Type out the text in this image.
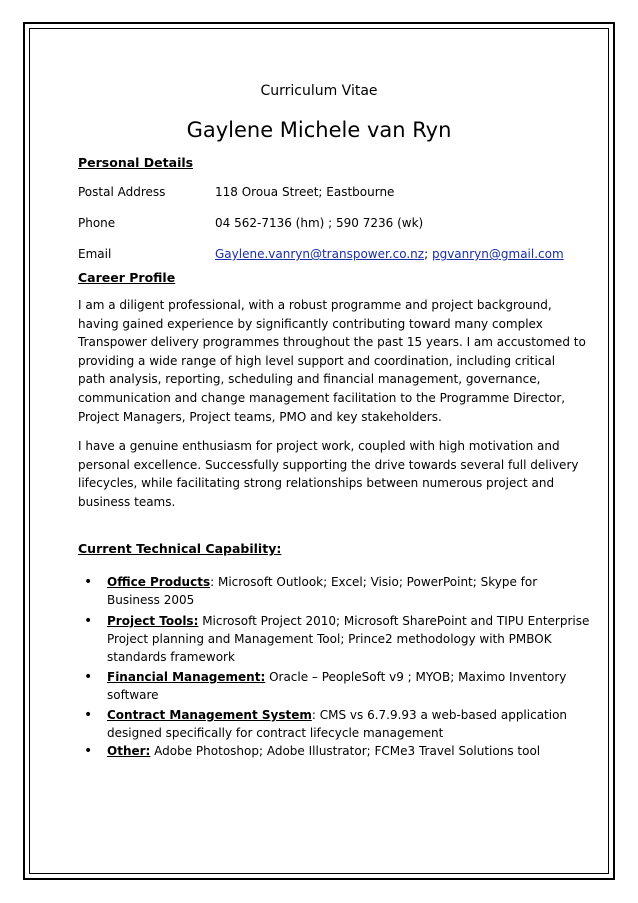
Curriculum Vitae
Gaylene Michele van Ryn
Personal Details
Postal Address	118 Oroua Street; Eastbourne
Phone	04 562-7136 (hm) ; 590 7236 (wk)
Email	Gaylene.vanryn@transpower.co.nz; pgvanryn@gmail.com
Career Profile
I am a diligent professional, with a robust programme and project background,
having gained experience by significantly contributing toward many complex
Transpower delivery programmes throughout the past 15 years. I am accustomed to
providing a wide range of high level support and coordination, including critical
path analysis, reporting, scheduling and financial management, governance,
communication and change management facilitation to the Programme Director,
Project Managers, Project teams, PMO and key stakeholders.
I have a genuine enthusiasm for project work, coupled with high motivation and
personal excellence. Successfully supporting the drive towards several full delivery
lifecycles, while facilitating strong relationships between numerous project and
business teams.
Current Technical Capability:
• Office Products: Microsoft Outlook; Excel; Visio; PowerPoint; Skype for
Business 2005
• Project Tools: Microsoft Project 2010; Microsoft SharePoint and TIPU Enterprise
Project planning and Management Tool; Prince2 methodology with PMBOK
standards framework
• Financial Management: Oracle – PeopleSoft v9 ; MYOB; Maximo Inventory
software
• Contract Management System: CMS vs 6.7.9.93 a web-based application
designed specifically for contract lifecycle management
• Other: Adobe Photoshop; Adobe Illustrator; FCMe3 Travel Solutions tool
